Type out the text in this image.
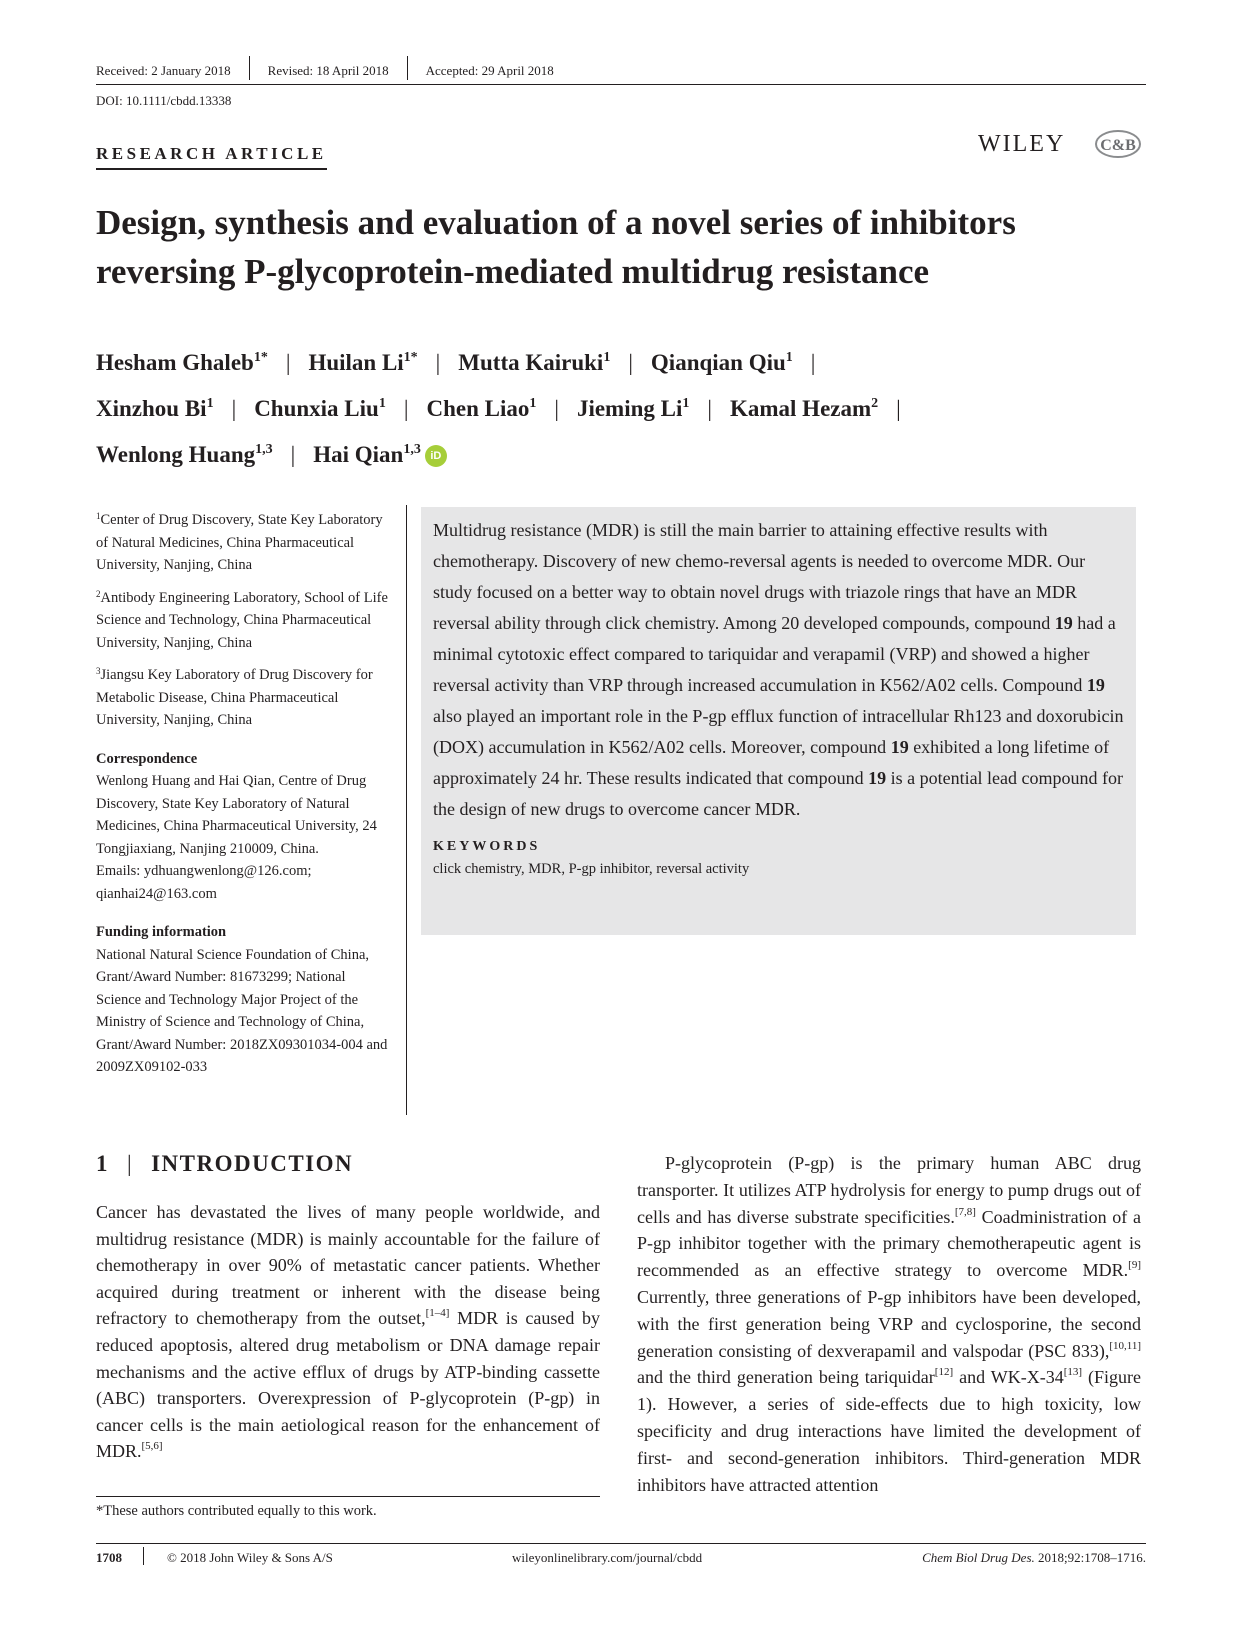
Received: 2 January 2018	Revised: 18 April 2018	Accepted: 29 April 2018
DOI: 10.1111/cbdd.13338
RESEARCH ARTICLE	WILEY C&B
Design, synthesis and evaluation of a novel series of inhibitors reversing P-glycoprotein-mediated multidrug resistance
Hesham Ghaleb$^{1*}$ | Huilan $Li^{1*}$ | Mutta Kairuki$^1$ | Qianqian Qiu$^1$ |
Xinzhou Bi$^1$ | Chunxia Liu$^1$ | Chen Liao$^1$ | Jieming Li$^1$ | Kamal Hezam$^2$ |
Wenlong Huang$^{1,3}$ | Hai Qian$^{1,3}$ iD

$^1$Center of Drug Discovery, State Key Laboratory of Natural Medicines, China Pharmaceutical University, Nanjing, China

$^2$Antibody Engineering Laboratory, School of Life Science and Technology, China Pharmaceutical University, Nanjing, China

$^3$Jiangsu Key Laboratory of Drug Discovery for Metabolic Disease, China Pharmaceutical University, Nanjing, China

Correspondence
Wenlong Huang and Hai Qian, Centre of Drug Discovery, State Key Laboratory of Natural Medicines, China Pharmaceutical University, 24 Tongjiaxiang, Nanjing 210009, China.
Emails: ydhuangwenlong@126.com; qianhai24@163.com
Funding information
National Natural Science Foundation of China, Grant/Award Number: 81673299; National Science and Technology Major Project of the Ministry of Science and Technology of China, Grant/Award Number: 2018ZX09301034-004 and 2009ZX09102-033

Multidrug resistance (MDR) is still the main barrier to attaining effective results with chemotherapy. Discovery of new chemo-reversal agents is needed to overcome MDR. Our study focused on a better way to obtain novel drugs with triazole rings that have an MDR reversal ability through click chemistry. Among 20 developed compounds, compound 19 had a minimal cytotoxic effect compared to tariquidar and verapamil (VRP) and showed a higher reversal activity than VRP through increased accumulation in K562/A02 cells. Compound 19 also played an important role in the P-gp efflux function of intracellular Rh123 and doxorubicin (DOX) accumulation in K562/A02 cells. Moreover, compound 19 exhibited a long lifetime of approximately 24 hr. These results indicated that compound 19 is a potential lead compound for the design of new drugs to overcome cancer MDR.

KEYWORDS
click chemistry, MDR, P-gp inhibitor, reversal activity
1 | INTRODUCTION

Cancer has devastated the lives of many people worldwide, and multidrug resistance (MDR) is mainly accountable for the failure of chemotherapy in over 90% of metastatic cancer patients. Whether acquired during treatment or inherent with the disease being refractory to chemotherapy from the outset,[1–4] MDR is caused by reduced apoptosis, altered drug metabolism or DNA damage repair mechanisms and the active efflux of drugs by ATP-binding cassette (ABC) transporters. Overexpression of P-glycoprotein (P-gp) in cancer cells is the main aetiological reason for the enhancement of MDR.[5,6]

P-glycoprotein (P-gp) is the primary human ABC drug transporter. It utilizes ATP hydrolysis for energy to pump drugs out of cells and has diverse substrate specificities.[7,8] Coadministration of a P-gp inhibitor together with the primary chemotherapeutic agent is recommended as an effective strategy to overcome MDR.[9] Currently, three generations of P-gp inhibitors have been developed, with the first generation being VRP and cyclosporine, the second generation consisting of dexverapamil and valspodar (PSC 833),[10,11] and the third generation being tariquidar[12] and WK-X-34[13] (Figure 1). However, a series of side-effects due to high toxicity, low specificity and drug interactions have limited the development of first- and second-generation inhibitors. Third-generation MDR inhibitors have attracted attention

*These authors contributed equally to this work.
1708	© 2018 John Wiley & Sons A/S	wileyonlinelibrary.com/journal/cbdd	Chem Biol Drug Des. 2018;92:1708–1716.
